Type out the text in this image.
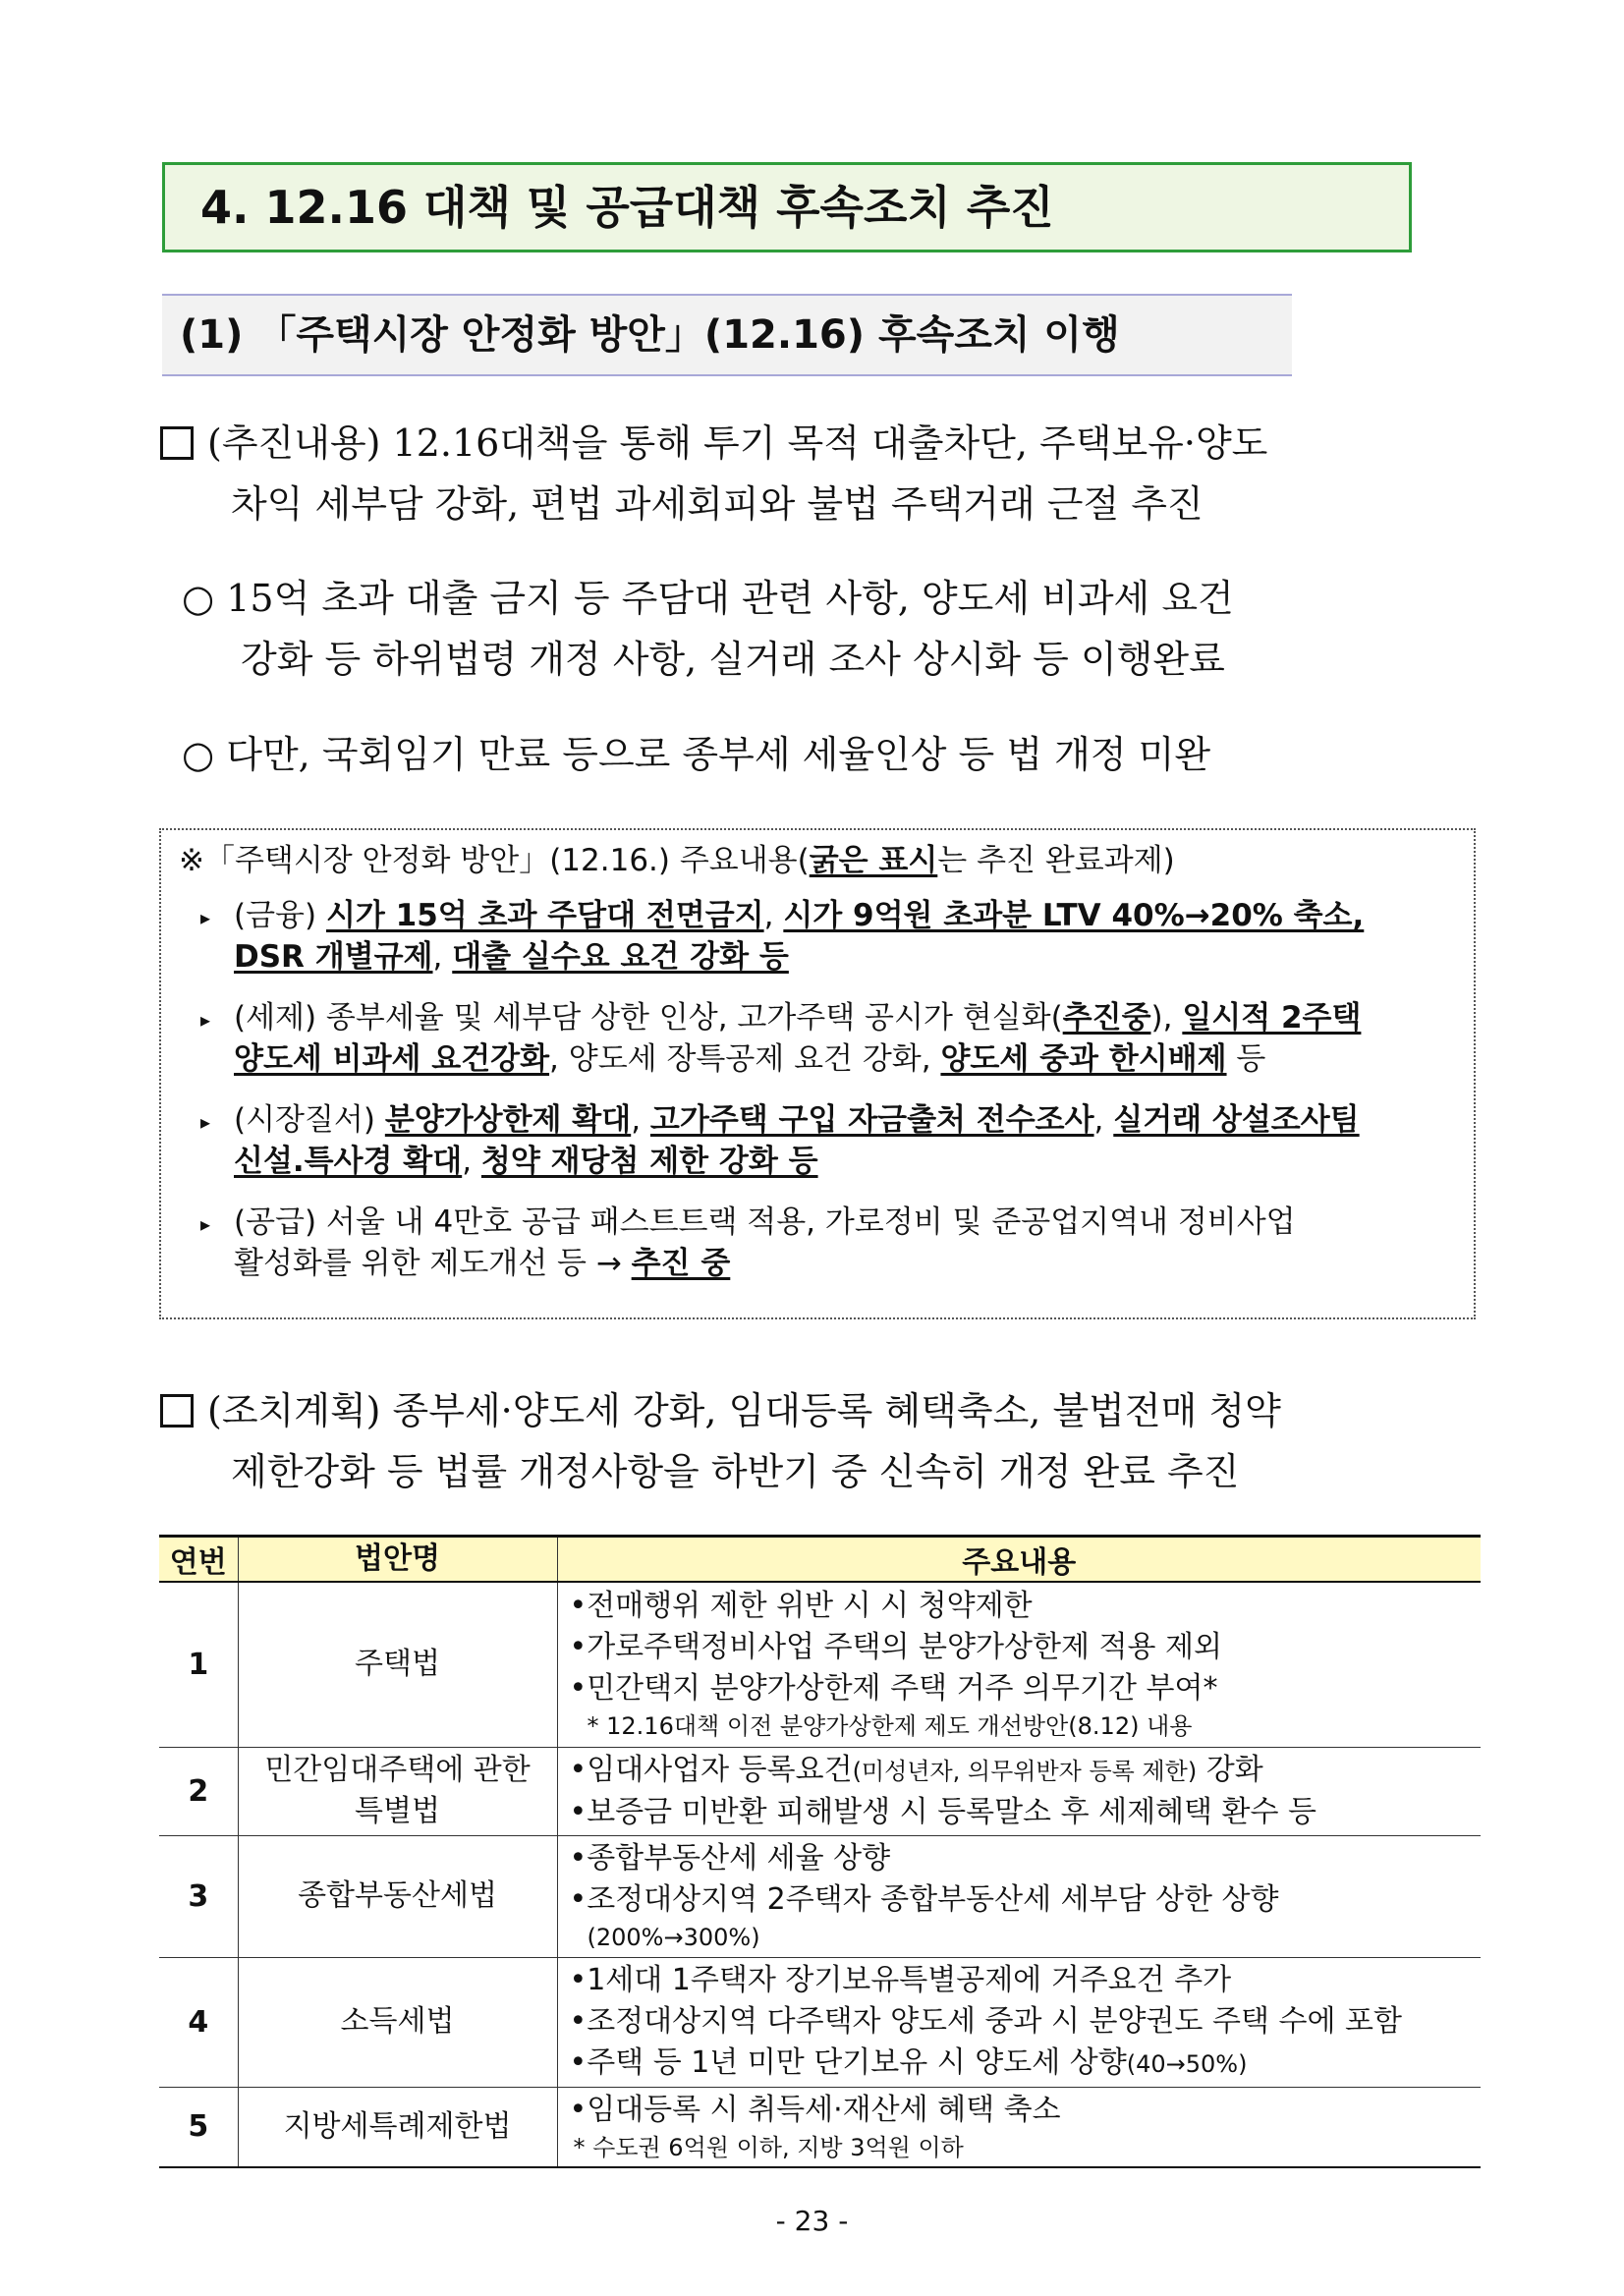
4. 12.16 대책 및 공급대책 후속조치 추진
(1) 「주택시장 안정화 방안」(12.16) 후속조치 이행
(추진내용) 12.16대책을 통해 투기 목적 대출차단, 주택보유·양도
차익 세부담 강화, 편법 과세회피와 불법 주택거래 근절 추진
○ 15억 초과 대출 금지 등 주담대 관련 사항, 양도세 비과세 요건
강화 등 하위법령 개정 사항, 실거래 조사 상시화 등 이행완료
○ 다만, 국회임기 만료 등으로 종부세 세율인상 등 법 개정 미완
※「주택시장 안정화 방안」(12.16.) 주요내용(굵은 표시는 추진 완료과제)
▸ (금융) 시가 15억 초과 주담대 전면금지, 시가 9억원 초과분 LTV 40%→20% 축소,
DSR 개별규제, 대출 실수요 요건 강화 등
▸ (세제) 종부세율 및 세부담 상한 인상, 고가주택 공시가 현실화(추진중), 일시적 2주택
양도세 비과세 요건강화, 양도세 장특공제 요건 강화, 양도세 중과 한시배제 등
▸ (시장질서) 분양가상한제 확대, 고가주택 구입 자금출처 전수조사, 실거래 상설조사팀
신설.특사경 확대, 청약 재당첨 제한 강화 등
▸ (공급) 서울 내 4만호 공급 패스트트랙 적용, 가로정비 및 준공업지역내 정비사업
활성화를 위한 제도개선 등 → 추진 중
(조치계획) 종부세·양도세 강화, 임대등록 혜택축소, 불법전매 청약
제한강화 등 법률 개정사항을 하반기 중 신속히 개정 완료 추진
연번	법안명	주요내용
1	주택법	•전매행위 제한 위반 시 시 청약제한
•가로주택정비사업 주택의 분양가상한제 적용 제외
•민간택지 분양가상한제 주택 거주 의무기간 부여*
* 12.16대책 이전 분양가상한제 제도 개선방안(8.12) 내용

2	민간임대주택에 관한
특별법	•임대사업자 등록요건(미성년자, 의무위반자 등록 제한) 강화
•보증금 미반환 피해발생 시 등록말소 후 세제혜택 환수 등

3	종합부동산세법	•종합부동산세 세율 상향
•조정대상지역 2주택자 종합부동산세 세부담 상한 상향
(200%→300%)

4	소득세법	•1세대 1주택자 장기보유특별공제에 거주요건 추가
•조정대상지역 다주택자 양도세 중과 시 분양권도 주택 수에 포함
•주택 등 1년 미만 단기보유 시 양도세 상향(40→50%)

5	지방세특례제한법	•임대등록 시 취득세·재산세 혜택 축소
* 수도권 6억원 이하, 지방 3억원 이하
- 23 -
